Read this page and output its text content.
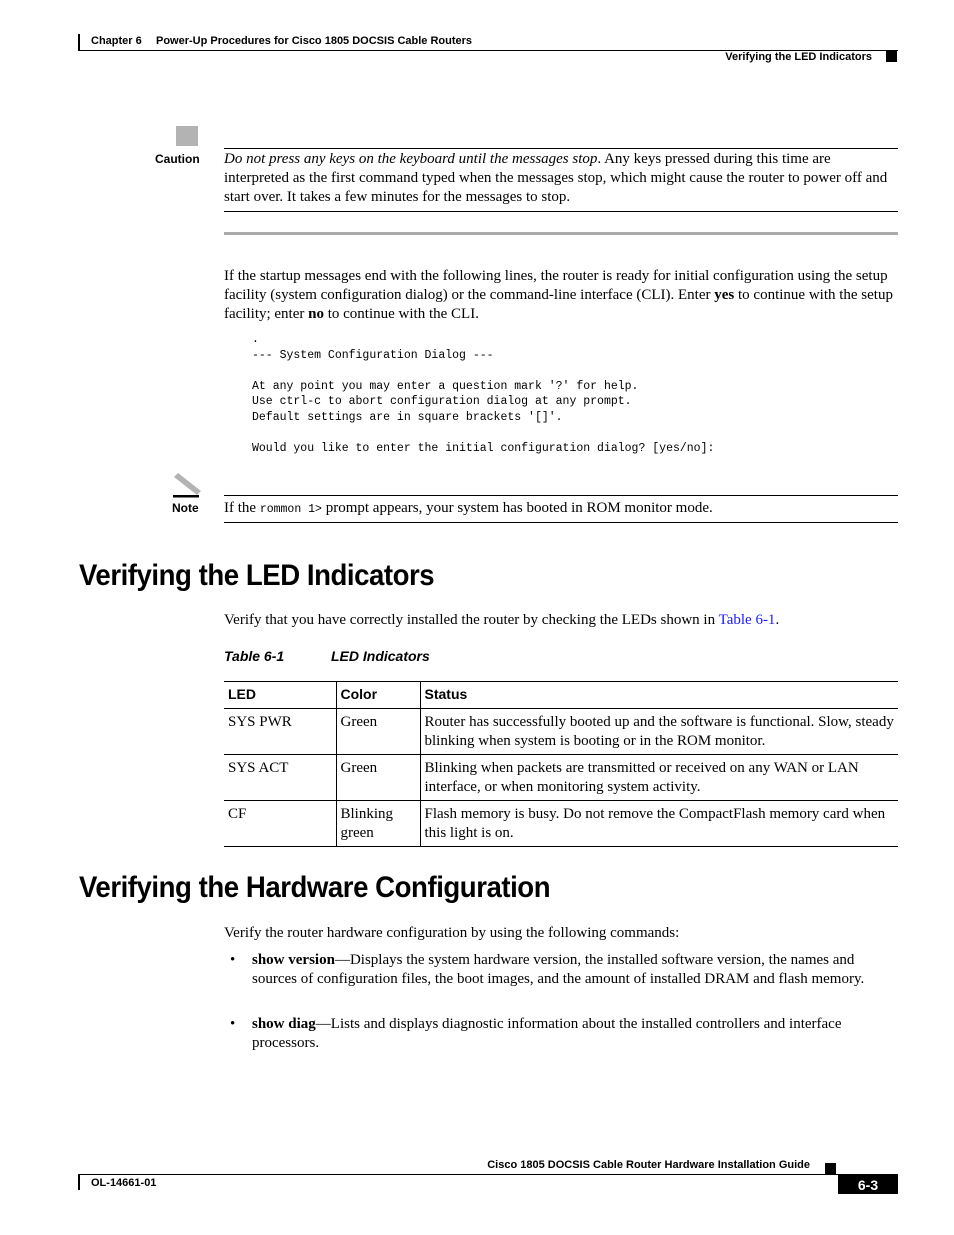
Chapter 6 Power-Up Procedures for Cisco 1805 DOCSIS Cable Routers
Verifying the LED Indicators
Caution Do not press any keys on the keyboard until the messages stop. Any keys pressed during this time are interpreted as the first command typed when the messages stop, which might cause the router to power off and start over. It takes a few minutes for the messages to stop.
If the startup messages end with the following lines, the router is ready for initial configuration using the setup facility (system configuration dialog) or the command-line interface (CLI). Enter yes to continue with the setup facility; enter no to continue with the CLI.
.
--- System Configuration Dialog ---

At any point you may enter a question mark '?' for help.
Use ctrl-c to abort configuration dialog at any prompt.
Default settings are in square brackets '[]'.

Would you like to enter the initial configuration dialog? [yes/no]:
Note If the rommon 1> prompt appears, your system has booted in ROM monitor mode.
Verifying the LED Indicators
Verify that you have correctly installed the router by checking the LEDs shown in Table 6-1.
Table 6-1	LED Indicators
LED	Color	Status
SYS PWR	Green	Router has successfully booted up and the software is functional. Slow, steady blinking when system is booting or in the ROM monitor.
SYS ACT	Green	Blinking when packets are transmitted or received on any WAN or LAN interface, or when monitoring system activity.
CF	Blinking green	Flash memory is busy. Do not remove the CompactFlash memory card when this light is on.
Verifying the Hardware Configuration
Verify the router hardware configuration by using the following commands:
• show version—Displays the system hardware version, the installed software version, the names and sources of configuration files, the boot images, and the amount of installed DRAM and flash memory.
• show diag—Lists and displays diagnostic information about the installed controllers and interface processors.
Cisco 1805 DOCSIS Cable Router Hardware Installation Guide
OL-14661-01	6-3
